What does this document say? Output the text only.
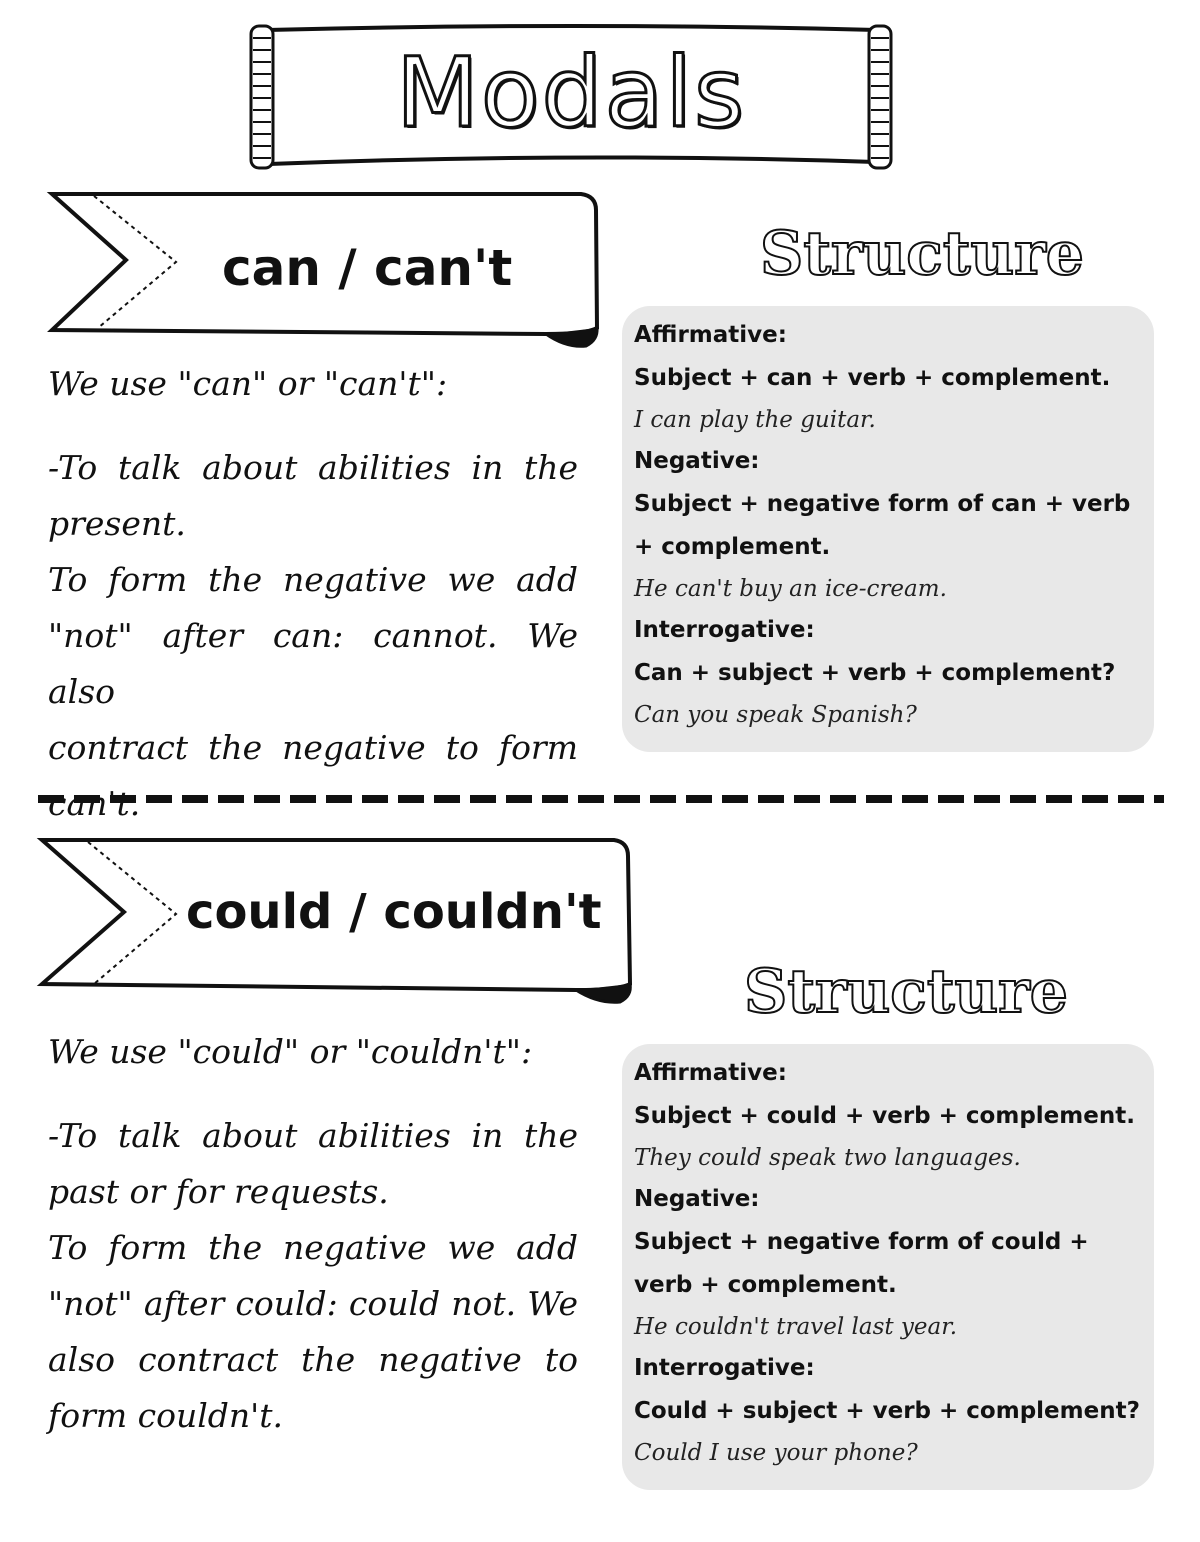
Modals
can / can't	Structure

We use "can" or "can't":

-To talk about abilities in the

present.

To form the negative we add

"not" after can: cannot. We also

contract the negative to form

can't.

Affirmative:
Subject + can + verb + complement.
I can play the guitar.
Negative:
Subject + negative form of can + verb + complement.
He can't buy an ice-cream.
Interrogative:
Can + subject + verb + complement?
Can you speak Spanish?
could / couldn't
Structure

We use "could" or "couldn't":

-To talk about abilities in the

past or for requests.

To form the negative we add

"not" after could: could not. We

also contract the negative to

form couldn't.

Affirmative:
Subject + could + verb + complement.
They could speak two languages.
Negative:
Subject + negative form of could + verb + complement.
He couldn't travel last year.
Interrogative:
Could + subject + verb + complement?
Could I use your phone?
